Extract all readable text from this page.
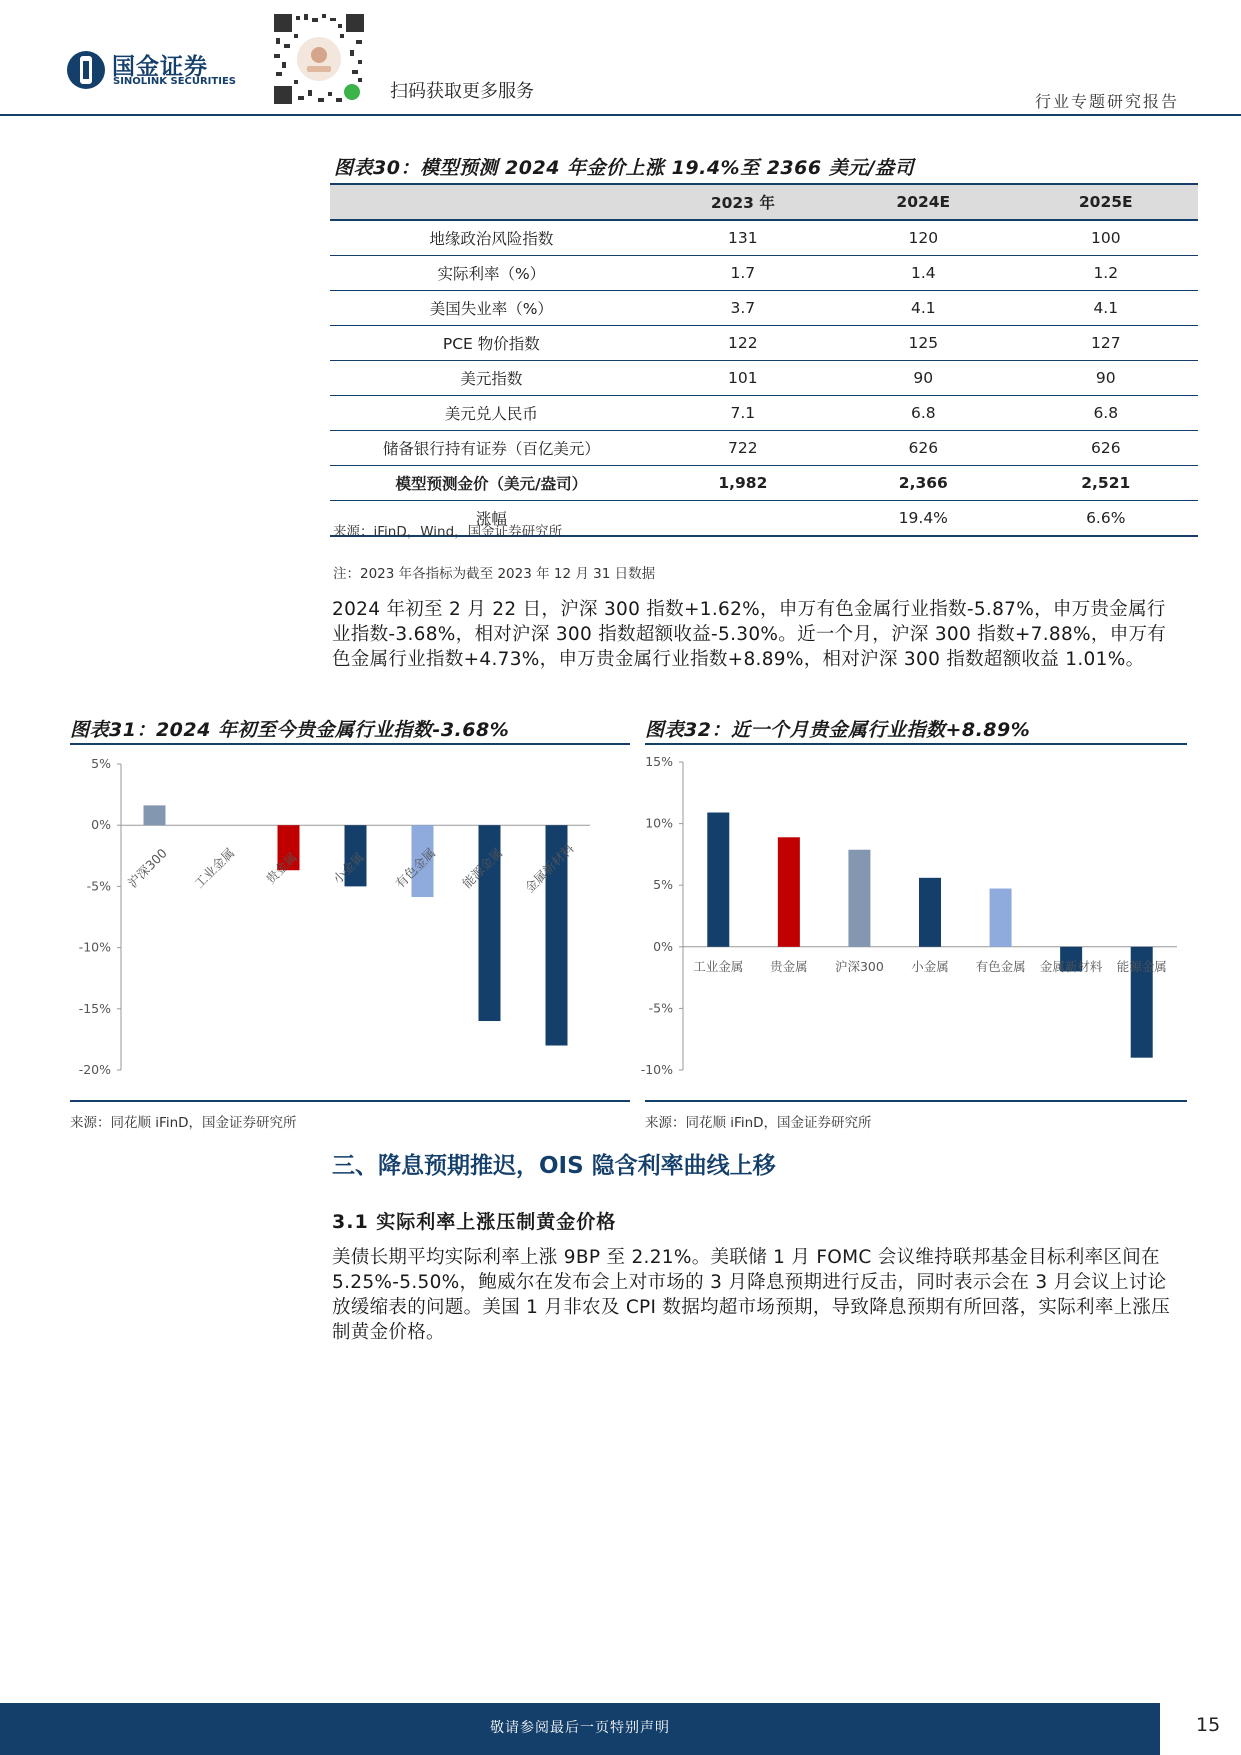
国金证券
SINOLINK SECURITIES	扫码获取更多服务	行业专题研究报告
图表30：模型预测 2024 年金价上涨 19.4%至 2366 美元/盎司
	2023 年	2024E	2025E
地缘政治风险指数	131	120	100
实际利率（%）	1.7	1.4	1.2
美国失业率（%）	3.7	4.1	4.1
PCE 物价指数	122	125	127
美元指数	101	90	90
美元兑人民币	7.1	6.8	6.8
储备银行持有证券（百亿美元）	722	626	626
模型预测金价（美元/盎司）	1,982	2,366	2,521
涨幅		19.4%	6.6%
来源：iFinD，Wind，国金证券研究所
注：2023 年各指标为截至 2023 年 12 月 31 日数据
2024 年初至 2 月 22 日，沪深 300 指数+1.62%，申万有色金属行业指数-5.87%，申万贵金属行业指数-3.68%，相对沪深 300 指数超额收益-5.30%。近一个月，沪深 300 指数+7.88%，申万有色金属行业指数+4.73%，申万贵金属行业指数+8.89%，相对沪深 300 指数超额收益 1.01%。
图表31：2024 年初至今贵金属行业指数-3.68%	图表32：近一个月贵金属行业指数+8.89%
5%
0%
-5%
-10%
-15%
-20%
沪深300 工业金属 贵金属 小金属 有色金属 能源金属 金属新材料
15%
10%
5%
0%
-5%
-10%
工业金属 贵金属 沪深300 小金属 有色金属 金属新材料 能源金属
来源：同花顺 iFinD，国金证券研究所	来源：同花顺 iFinD，国金证券研究所
三、降息预期推迟，OIS 隐含利率曲线上移
3.1 实际利率上涨压制黄金价格
美债长期平均实际利率上涨 9BP 至 2.21%。美联储 1 月 FOMC 会议维持联邦基金目标利率区间在 5.25%-5.50%，鲍威尔在发布会上对市场的 3 月降息预期进行反击，同时表示会在 3 月会议上讨论放缓缩表的问题。美国 1 月非农及 CPI 数据均超市场预期，导致降息预期有所回落，实际利率上涨压制黄金价格。
敬请参阅最后一页特别声明	15
